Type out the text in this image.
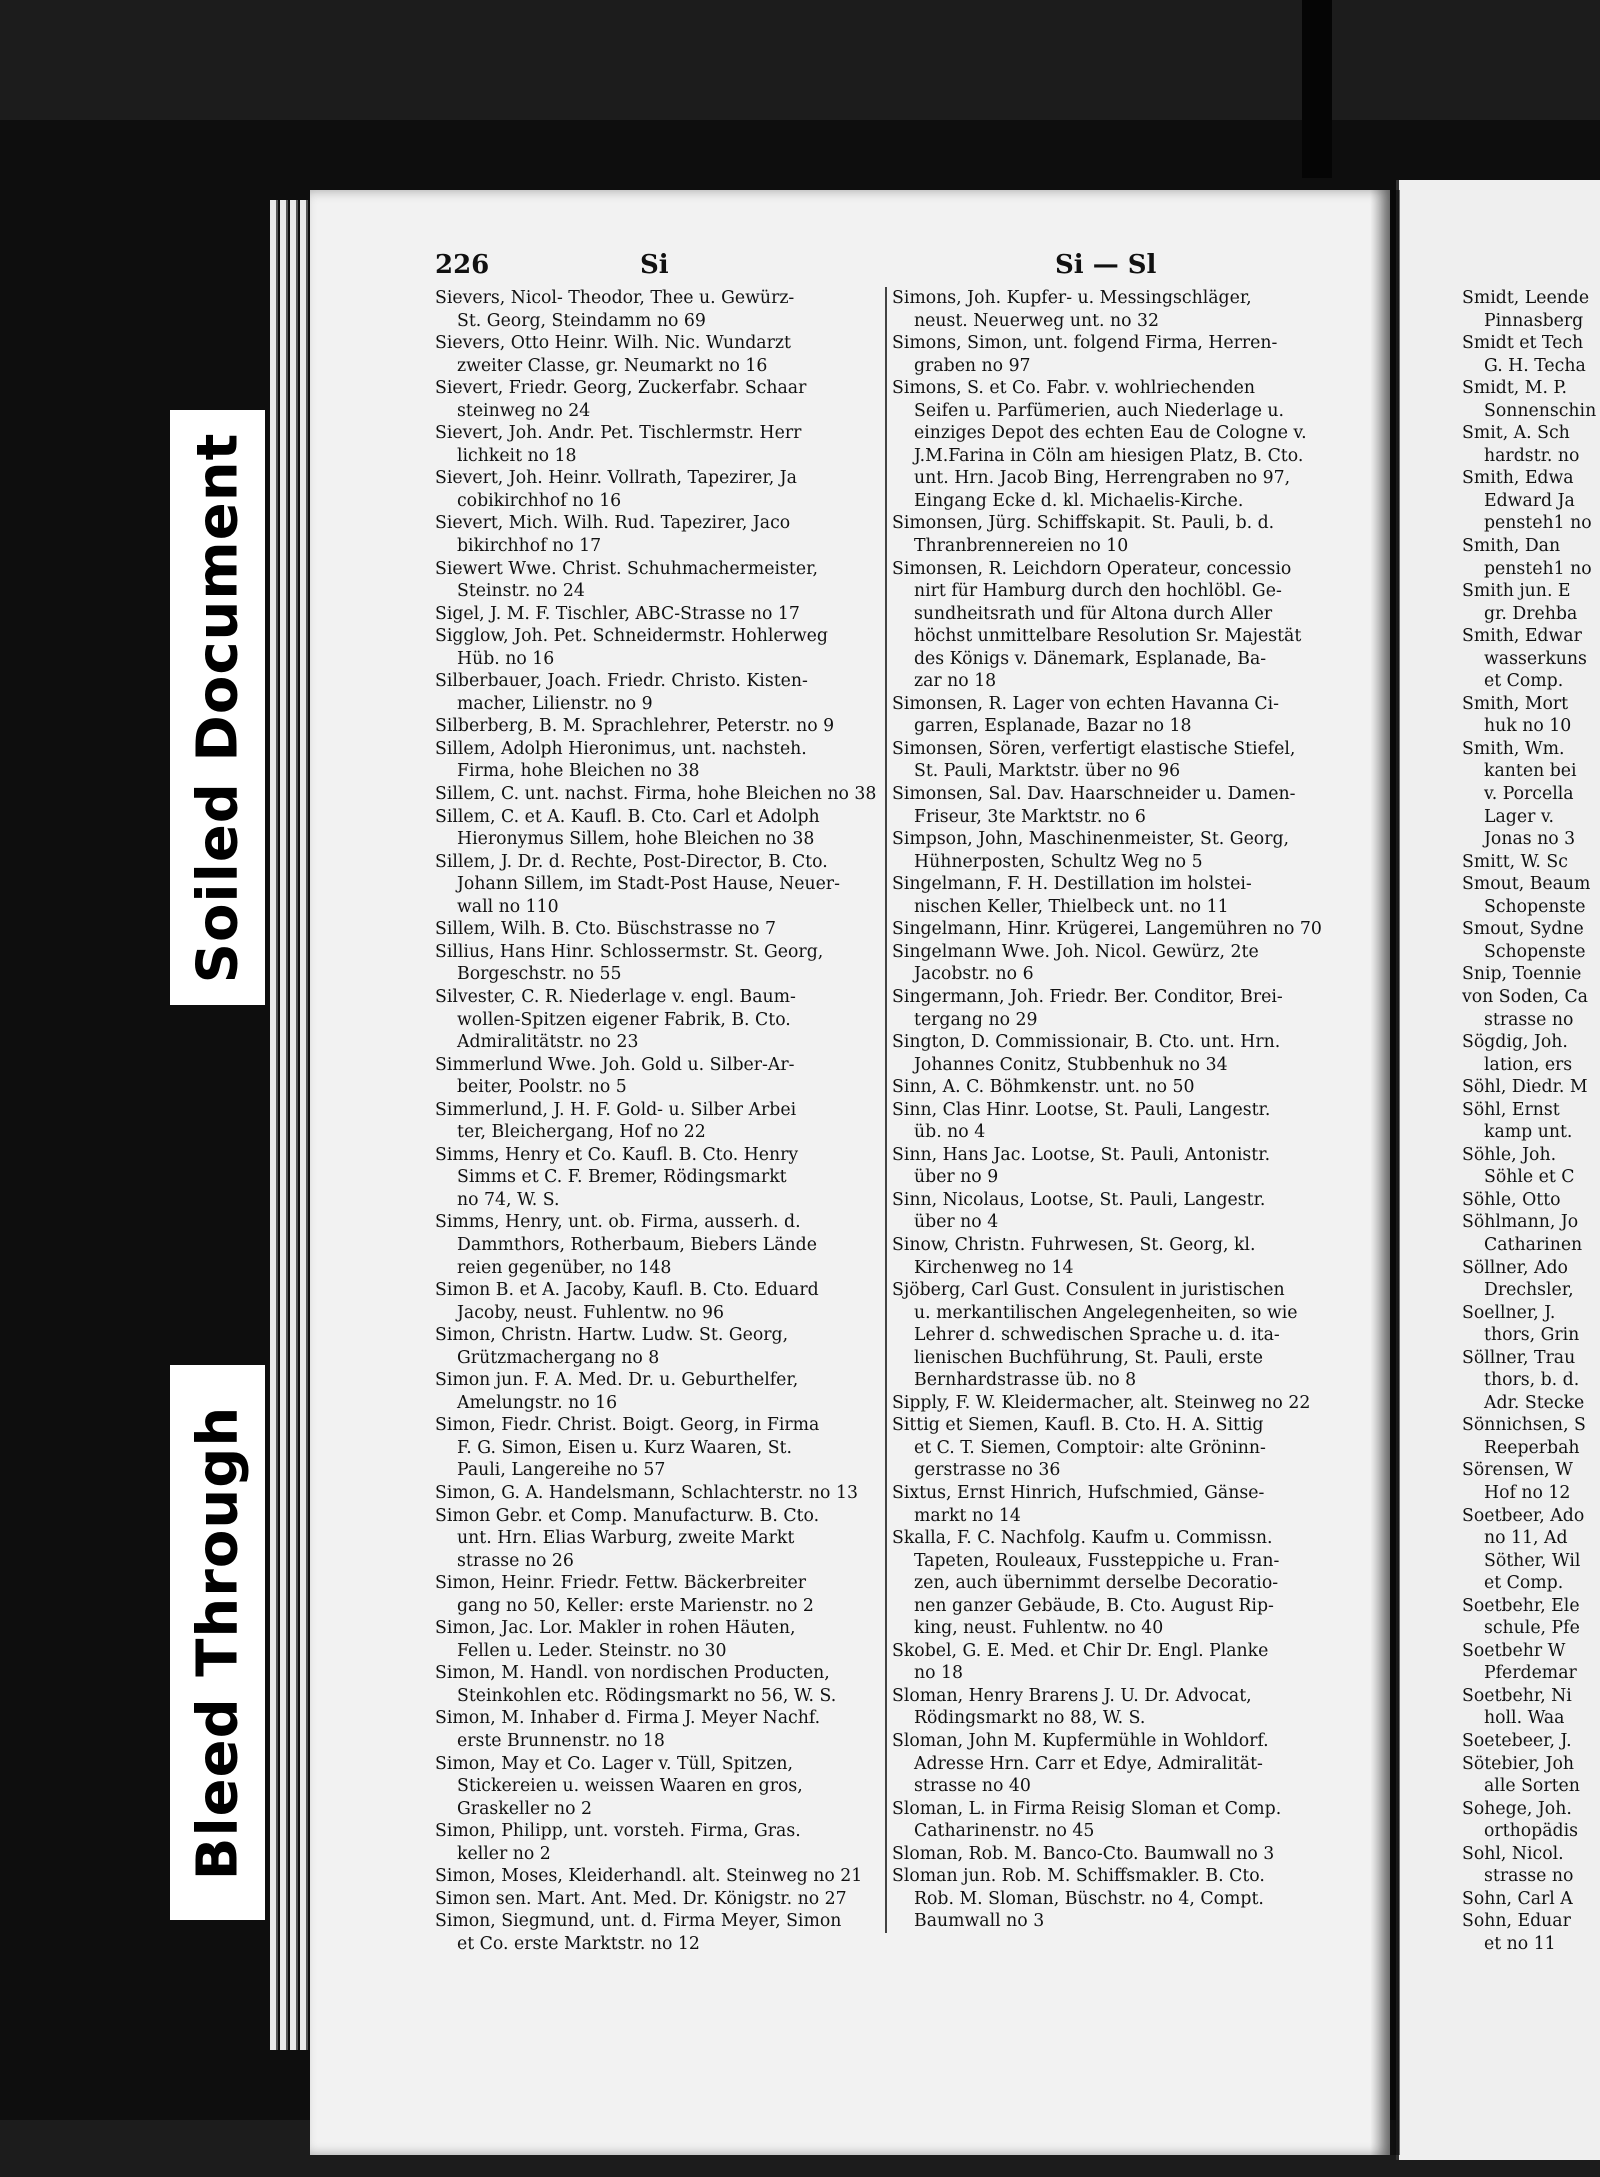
Soiled Document
Bleed Through
226	Si	Si — Sl
Sievers, Nicol- Theodor, Thee u. Gewürz-
St. Georg, Steindamm no 69
Sievers, Otto Heinr. Wilh. Nic. Wundarzt
zweiter Classe, gr. Neumarkt no 16
Sievert, Friedr. Georg, Zuckerfabr. Schaar
steinweg no 24
Sievert, Joh. Andr. Pet. Tischlermstr. Herr
lichkeit no 18
Sievert, Joh. Heinr. Vollrath, Tapezirer, Ja
cobikirchhof no 16
Sievert, Mich. Wilh. Rud. Tapezirer, Jaco
bikirchhof no 17
Siewert Wwe. Christ. Schuhmachermeister,
Steinstr. no 24
Sigel, J. M. F. Tischler, ABC-Strasse no 17
Sigglow, Joh. Pet. Schneidermstr. Hohlerweg
Hüb. no 16
Silberbauer, Joach. Friedr. Christo. Kisten-
macher, Lilienstr. no 9
Silberberg, B. M. Sprachlehrer, Peterstr. no 9
Sillem, Adolph Hieronimus, unt. nachsteh.
Firma, hohe Bleichen no 38
Sillem, C. unt. nachst. Firma, hohe Bleichen no 38
Sillem, C. et A. Kaufl. B. Cto. Carl et Adolph
Hieronymus Sillem, hohe Bleichen no 38
Sillem, J. Dr. d. Rechte, Post-Director, B. Cto.
Johann Sillem, im Stadt-Post Hause, Neuer-
wall no 110
Sillem, Wilh. B. Cto. Büschstrasse no 7
Sillius, Hans Hinr. Schlossermstr. St. Georg,
Borgeschstr. no 55
Silvester, C. R. Niederlage v. engl. Baum-
wollen-Spitzen eigener Fabrik, B. Cto.
Admiralitätstr. no 23
Simmerlund Wwe. Joh. Gold u. Silber-Ar-
beiter, Poolstr. no 5
Simmerlund, J. H. F. Gold- u. Silber Arbei
ter, Bleichergang, Hof no 22
Simms, Henry et Co. Kaufl. B. Cto. Henry
Simms et C. F. Bremer, Rödingsmarkt
no 74, W. S.
Simms, Henry, unt. ob. Firma, ausserh. d.
Dammthors, Rotherbaum, Biebers Lände
reien gegenüber, no 148
Simon B. et A. Jacoby, Kaufl. B. Cto. Eduard
Jacoby, neust. Fuhlentw. no 96
Simon, Christn. Hartw. Ludw. St. Georg,
Grützmachergang no 8
Simon jun. F. A. Med. Dr. u. Geburthelfer,
Amelungstr. no 16
Simon, Fiedr. Christ. Boigt. Georg, in Firma
F. G. Simon, Eisen u. Kurz Waaren, St.
Pauli, Langereihe no 57
Simon, G. A. Handelsmann, Schlachterstr. no 13
Simon Gebr. et Comp. Manufacturw. B. Cto.
unt. Hrn. Elias Warburg, zweite Markt
strasse no 26
Simon, Heinr. Friedr. Fettw. Bäckerbreiter
gang no 50, Keller: erste Marienstr. no 2
Simon, Jac. Lor. Makler in rohen Häuten,
Fellen u. Leder. Steinstr. no 30
Simon, M. Handl. von nordischen Producten,
Steinkohlen etc. Rödingsmarkt no 56, W. S.
Simon, M. Inhaber d. Firma J. Meyer Nachf.
erste Brunnenstr. no 18
Simon, May et Co. Lager v. Tüll, Spitzen,
Stickereien u. weissen Waaren en gros,
Graskeller no 2
Simon, Philipp, unt. vorsteh. Firma, Gras.
keller no 2
Simon, Moses, Kleiderhandl. alt. Steinweg no 21
Simon sen. Mart. Ant. Med. Dr. Königstr. no 27
Simon, Siegmund, unt. d. Firma Meyer, Simon
et Co. erste Marktstr. no 12
Simons, Joh. Kupfer- u. Messingschläger,
neust. Neuerweg unt. no 32
Simons, Simon, unt. folgend Firma, Herren-
graben no 97
Simons, S. et Co. Fabr. v. wohlriechenden
Seifen u. Parfümerien, auch Niederlage u.
einziges Depot des echten Eau de Cologne v.
J.M.Farina in Cöln am hiesigen Platz, B. Cto.
unt. Hrn. Jacob Bing, Herrengraben no 97,
Eingang Ecke d. kl. Michaelis-Kirche.
Simonsen, Jürg. Schiffskapit. St. Pauli, b. d.
Thranbrennereien no 10
Simonsen, R. Leichdorn Operateur, concessio
nirt für Hamburg durch den hochlöbl. Ge-
sundheitsrath und für Altona durch Aller
höchst unmittelbare Resolution Sr. Majestät
des Königs v. Dänemark, Esplanade, Ba-
zar no 18
Simonsen, R. Lager von echten Havanna Ci-
garren, Esplanade, Bazar no 18
Simonsen, Sören, verfertigt elastische Stiefel,
St. Pauli, Marktstr. über no 96
Simonsen, Sal. Dav. Haarschneider u. Damen-
Friseur, 3te Marktstr. no 6
Simpson, John, Maschinenmeister, St. Georg,
Hühnerposten, Schultz Weg no 5
Singelmann, F. H. Destillation im holstei-
nischen Keller, Thielbeck unt. no 11
Singelmann, Hinr. Krügerei, Langemühren no 70
Singelmann Wwe. Joh. Nicol. Gewürz, 2te
Jacobstr. no 6
Singermann, Joh. Friedr. Ber. Conditor, Brei-
tergang no 29
Sington, D. Commissionair, B. Cto. unt. Hrn.
Johannes Conitz, Stubbenhuk no 34
Sinn, A. C. Böhmkenstr. unt. no 50
Sinn, Clas Hinr. Lootse, St. Pauli, Langestr.
üb. no 4
Sinn, Hans Jac. Lootse, St. Pauli, Antonistr.
über no 9
Sinn, Nicolaus, Lootse, St. Pauli, Langestr.
über no 4
Sinow, Christn. Fuhrwesen, St. Georg, kl.
Kirchenweg no 14
Sjöberg, Carl Gust. Consulent in juristischen
u. merkantilischen Angelegenheiten, so wie
Lehrer d. schwedischen Sprache u. d. ita-
lienischen Buchführung, St. Pauli, erste
Bernhardstrasse üb. no 8
Sipply, F. W. Kleidermacher, alt. Steinweg no 22
Sittig et Siemen, Kaufl. B. Cto. H. A. Sittig
et C. T. Siemen, Comptoir: alte Gröninn-
gerstrasse no 36
Sixtus, Ernst Hinrich, Hufschmied, Gänse-
markt no 14
Skalla, F. C. Nachfolg. Kaufm u. Commissn.
Tapeten, Rouleaux, Fussteppiche u. Fran-
zen, auch übernimmt derselbe Decoratio-
nen ganzer Gebäude, B. Cto. August Rip-
king, neust. Fuhlentw. no 40
Skobel, G. E. Med. et Chir Dr. Engl. Planke
no 18
Sloman, Henry Brarens J. U. Dr. Advocat,
Rödingsmarkt no 88, W. S.
Sloman, John M. Kupfermühle in Wohldorf.
Adresse Hrn. Carr et Edye, Admiralität-
strasse no 40
Sloman, L. in Firma Reisig Sloman et Comp.
Catharinenstr. no 45
Sloman, Rob. M. Banco-Cto. Baumwall no 3
Sloman jun. Rob. M. Schiffsmakler. B. Cto.
Rob. M. Sloman, Büschstr. no 4, Compt.
Baumwall no 3
Smidt, Leende
Pinnasberg
Smidt et Tech
G. H. Techa
Smidt, M. P.
Sonnenschin
Smit, A. Sch
hardstr. no
Smith, Edwa
Edward Ja
pensteh1 no
Smith, Dan
pensteh1 no
Smith jun. E
gr. Drehba
Smith, Edwar
wasserkuns
et Comp.
Smith, Mort
huk no 10
Smith, Wm.
kanten bei
v. Porcella
Lager v.
Jonas no 3
Smitt, W. Sc
Smout, Beaum
Schopenste
Smout, Sydne
Schopenste
Snip, Toennie
von Soden, Ca
strasse no
Sögdig, Joh.
lation, ers
Söhl, Diedr. M
Söhl, Ernst
kamp unt.
Söhle, Joh.
Söhle et C
Söhle, Otto
Söhlmann, Jo
Catharinen
Söllner, Ado
Drechsler,
Soellner, J.
thors, Grin
Söllner, Trau
thors, b. d.
Adr. Stecke
Sönnichsen, S
Reeperbah
Sörensen, W
Hof no 12
Soetbeer, Ado
no 11, Ad
Söther, Wil
et Comp.
Soetbehr, Ele
schule, Pfe
Soetbehr W
Pferdemar
Soetbehr, Ni
holl. Waa
Soetebeer, J.
Sötebier, Joh
alle Sorten
Sohege, Joh.
orthopädis
Sohl, Nicol.
strasse no
Sohn, Carl A
Sohn, Eduar
et no 11
